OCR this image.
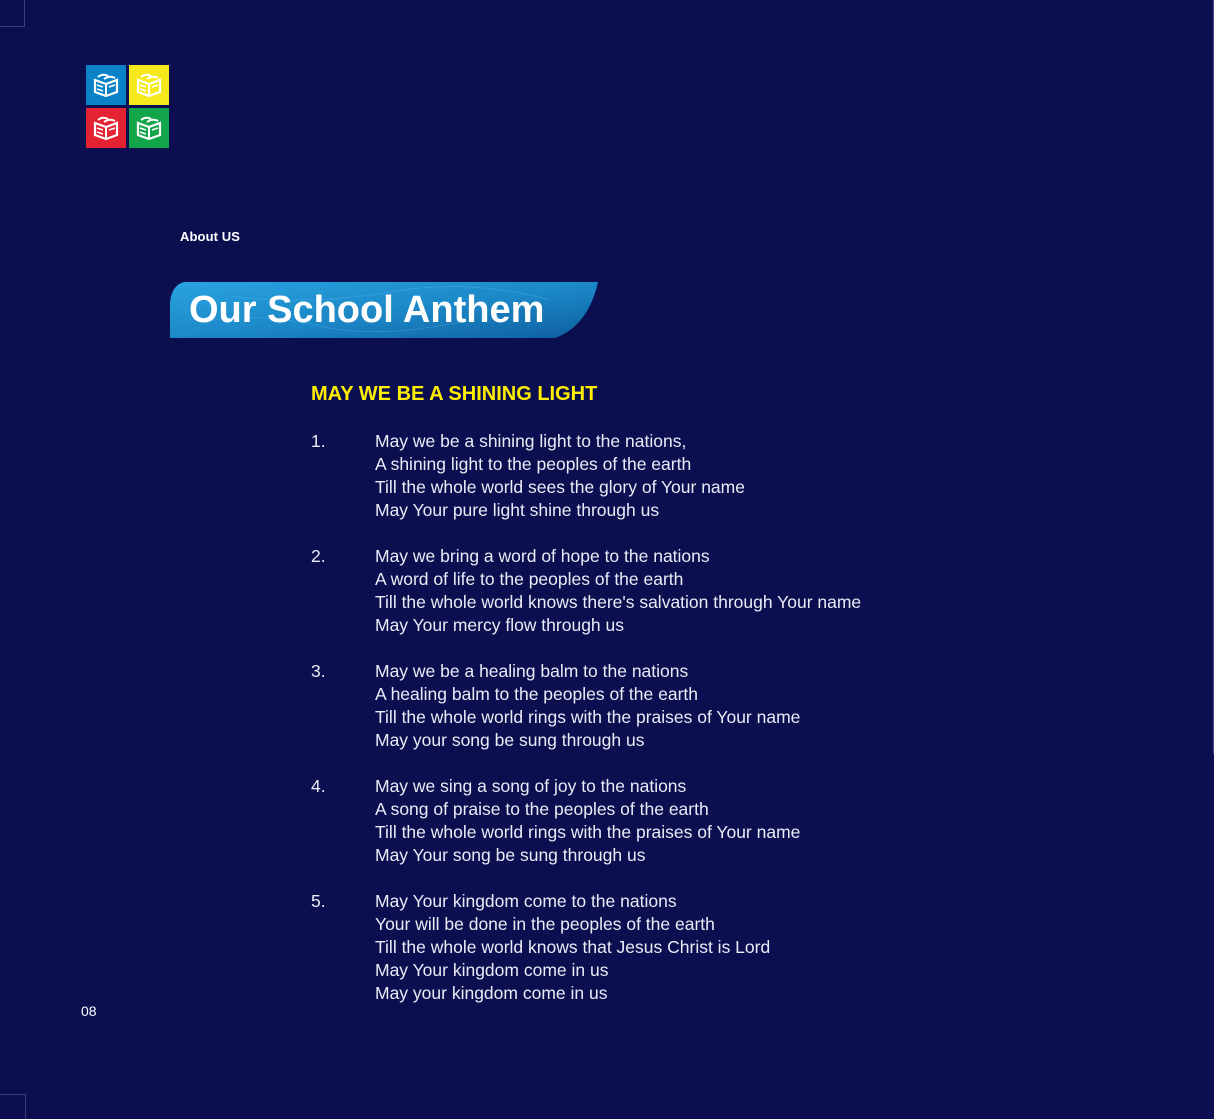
About US
Our School Anthem
MAY WE BE A SHINING LIGHT
1.	May we be a shining light to the nations,
A shining light to the peoples of the earth
Till the whole world sees the glory of Your name
May Your pure light shine through us
2.	May we bring a word of hope to the nations
A word of life to the peoples of the earth
Till the whole world knows there's salvation through Your name
May Your mercy flow through us
3.	May we be a healing balm to the nations
A healing balm to the peoples of the earth
Till the whole world rings with the praises of Your name
May your song be sung through us
4.	May we sing a song of joy to the nations
A song of praise to the peoples of the earth
Till the whole world rings with the praises of Your name
May Your song be sung through us
5.	May Your kingdom come to the nations
Your will be done in the peoples of the earth
Till the whole world knows that Jesus Christ is Lord
May Your kingdom come in us
May your kingdom come in us
08
